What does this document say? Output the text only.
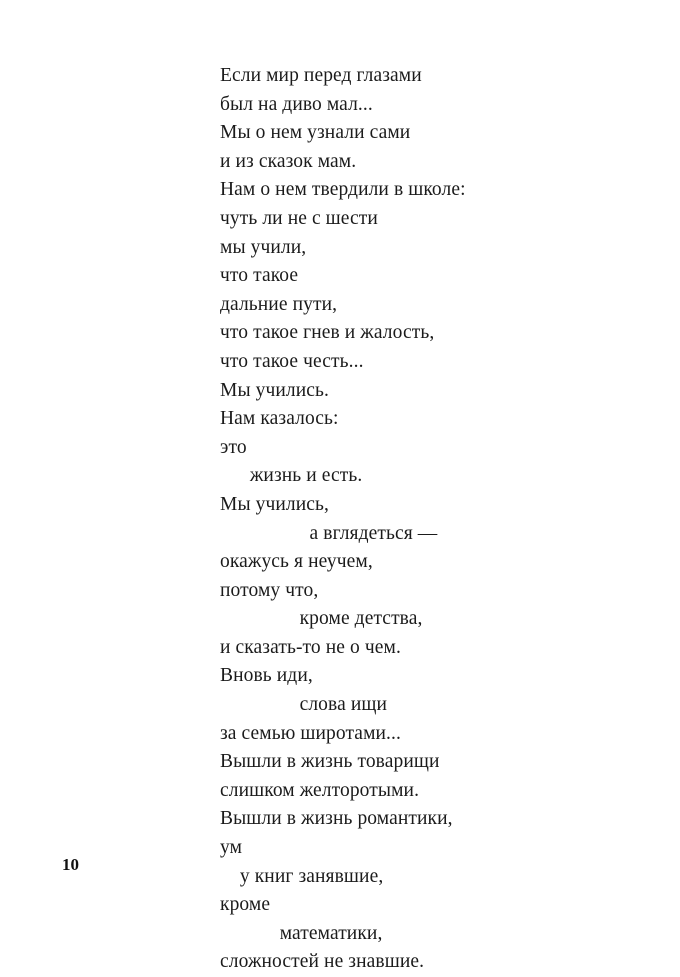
Если мир перед глазами
был на диво мал...
Мы о нем узнали сами
и из сказок мам.
Нам о нем твердили в школе:
чуть ли не с шести
мы учили,
что такое
дальние пути,
что такое гнев и жалость,
что такое честь...
Мы учились.
Нам казалось:
это
жизнь и есть.
Мы учились,
а вглядеться —
окажусь я неучем,
потому что,
кроме детства,
и сказать-то не о чем.
Вновь иди,
слова ищи
за семью широтами...
Вышли в жизнь товарищи
слишком желторотыми.
Вышли в жизнь романтики,
ум
у книг занявшие,
кроме
математики,
сложностей не знавшие.
10
